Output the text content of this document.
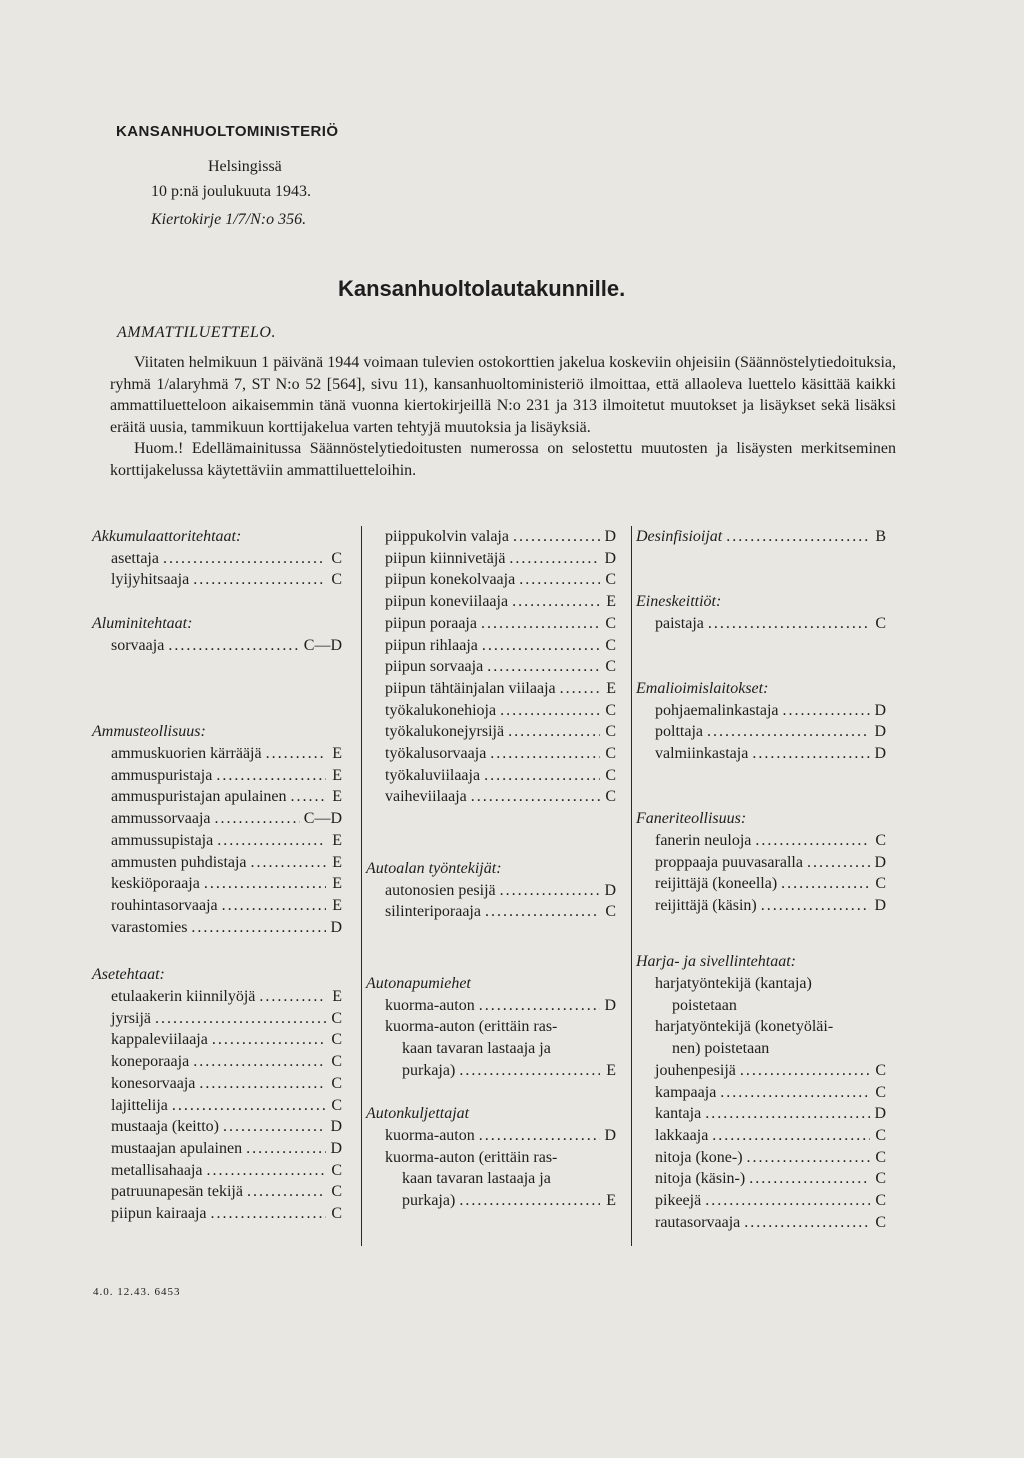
KANSANHUOLTOMINISTERIÖ
Helsingissä
10 p:nä joulukuuta 1943.
Kiertokirje 1/7/N:o 356.
Kansanhuoltolautakunnille.
AMMATTILUETTELO.

Viitaten helmikuun 1 päivänä 1944 voimaan tulevien ostokorttien jakelua koskeviin ohjeisiin (Säännöstelytiedoituksia, ryhmä 1/alaryhmä 7, ST N:o 52 [564], sivu 11), kansanhuoltoministeriö ilmoittaa, että allaoleva luettelo käsittää kaikki ammattiluetteloon aikaisemmin tänä vuonna kiertokirjeillä N:o 231 ja 313 ilmoitetut muutokset ja lisäykset sekä lisäksi eräitä uusia, tammikuun korttijakelua varten tehtyjä muutoksia ja lisäyksiä.

Huom.! Edellämainitussa Säännöstelytiedoitusten numerossa on selostettu muutosten ja lisäysten merkitseminen korttijakelussa käytettäviin ammattiluetteloihin.

Akkumulaattoritehtaat:
asettaja . . .	C
lyijyhitsaaja . . .	C
Aluminitehtaat:
sorvaaja . . .	C—D
Ammusteollisuus:
ammuskuorien kärrääjä . . .	E
ammuspuristaja . . .	E
ammuspuristajan apulainen . . .	E
ammussorvaaja . . .	C—D
ammussupistaja . . .	E
ammusten puhdistaja . . .	E
keskiöporaaja . . .	E
rouhintasorvaaja . . .	E
varastomies . . .	D
Asetehtaat:
etulaakerin kiinnilyöjä . . .	E
jyrsijä . . .	C
kappaleviilaaja . . .	C
koneporaaja . . .	C
konesorvaaja . . .	C
lajittelija . . .	C
mustaaja (keitto) . . .	D
mustaajan apulainen . . .	D
metallisahaaja . . .	C
patruunapesän tekijä . . .	C
piipun kairaaja . . .	C
piippukolvin valaja . . .	D
piipun kiinnivetäjä . . .	D
piipun konekolvaaja . . .	C
piipun koneviilaaja . . .	E
piipun poraaja . . .	C
piipun rihlaaja . . .	C
piipun sorvaaja . . .	C
piipun tähtäinjalan viilaaja . . .	E
työkalukonehiojа . . .	C
työkalukonejyrsijä . . .	C
työkalusorvaaja . . .	C
työkaluviilaaja . . .	C
vaiheviilaaja . . .	C
Autoalan työntekijät:
autonosien pesijä . . .	D
silinteriporaaja . . .	C
Autonapumiehet
kuorma-auton . . .	D
kuorma-auton (erittäin ras-
kaan tavaran lastaaja ja
purkaja) . . .	E
Autonkuljettajat
kuorma-auton . . .	D
kuorma-auton (erittäin ras-
kaan tavaran lastaaja ja
purkaja) . . .	E
Desinfisioijat . . .	B
Eineskeittiöt:
paistaja . . .	C
Emalioimislaitokset:
pohjaemalinkastaja . . .	D
polttaja . . .	D
valmiinkastaja . . .	D
Faneriteollisuus:
fanerin neuloja . . .	C
proppaaja puuvasaralla . . .	D
reijittäjä (koneella) . . .	C
reijittäjä (käsin) . . .	D
Harja- ja sivellintehtaat:
harjatyöntekijä (kantaja)
poistetaan
harjatyöntekijä (konetyöläi-
nen) poistetaan
jouhenpesijä . . .	C
kampaaja . . .	C
kantaja . . .	D
lakkaaja . . .	C
nitoja (kone-) . . .	C
nitoja (käsin-) . . .	C
pikeejä . . .	C
rautasorvaaja . . .	C
4.0. 12.43. 6453
